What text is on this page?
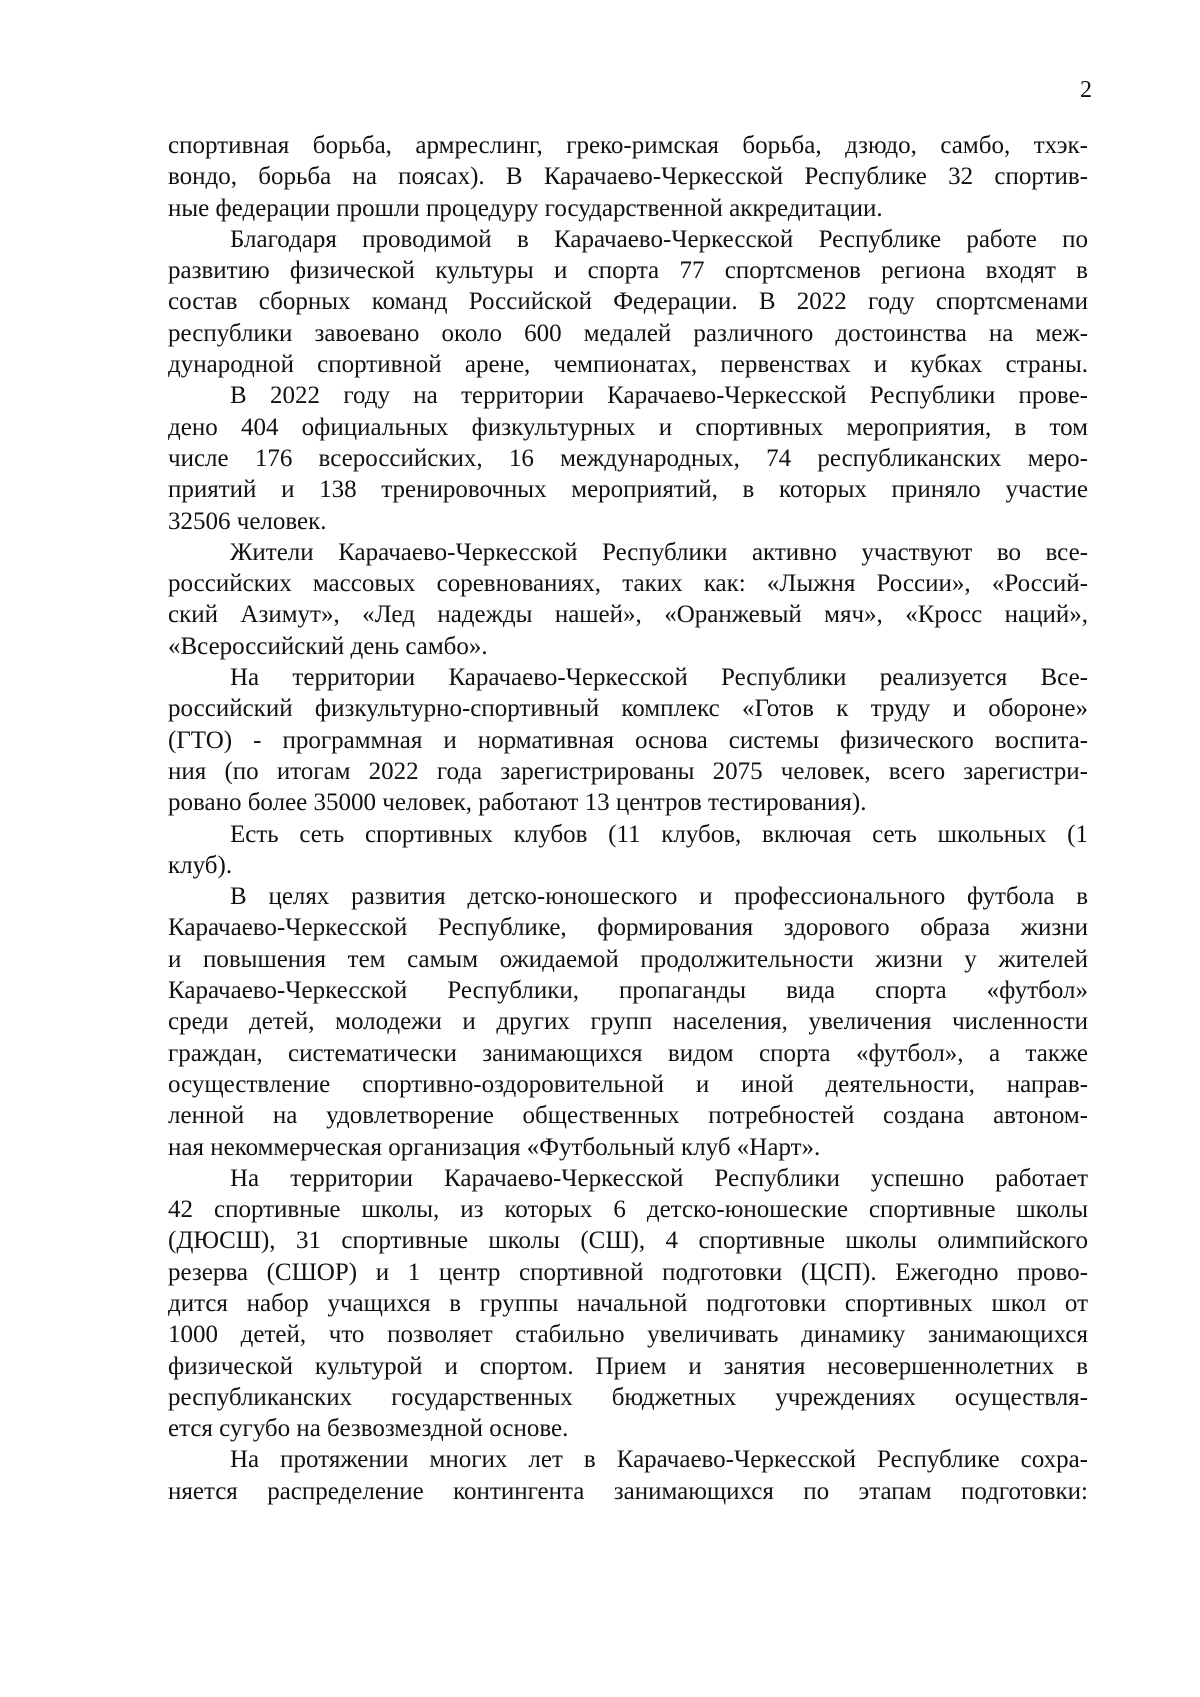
2
спортивная борьба, армреслинг, греко-римская борьба, дзюдо, самбо, тхэк-
вондо, борьба на поясах). В Карачаево-Черкесской Республике 32 спортив-
ные федерации прошли процедуру государственной аккредитации.
Благодаря проводимой в Карачаево-Черкесской Республике работе по
развитию физической культуры и спорта 77 спортсменов региона входят в
состав сборных команд Российской Федерации. В 2022 году спортсменами
республики завоевано около 600 медалей различного достоинства на меж-
дународной спортивной арене, чемпионатах, первенствах и кубках страны.
В 2022 году на территории Карачаево-Черкесской Республики прове-
дено 404 официальных физкультурных и спортивных мероприятия, в том
числе 176 всероссийских, 16 международных, 74 республиканских меро-
приятий и 138 тренировочных мероприятий, в которых приняло участие
32506 человек.
Жители Карачаево-Черкесской Республики активно участвуют во все-
российских массовых соревнованиях, таких как: «Лыжня России», «Россий-
ский Азимут», «Лед надежды нашей», «Оранжевый мяч», «Кросс наций»,
«Всероссийский день самбо».
На территории Карачаево-Черкесской Республики реализуется Все-
российский физкультурно-спортивный комплекс «Готов к труду и обороне»
(ГТО) - программная и нормативная основа системы физического воспита-
ния (по итогам 2022 года зарегистрированы 2075 человек, всего зарегистри-
ровано более 35000 человек, работают 13 центров тестирования).
Есть сеть спортивных клубов (11 клубов, включая сеть школьных (1
клуб).
В целях развития детско-юношеского и профессионального футбола в
Карачаево-Черкесской Республике, формирования здорового образа жизни
и повышения тем самым ожидаемой продолжительности жизни у жителей
Карачаево-Черкесской Республики, пропаганды вида спорта «футбол»
среди детей, молодежи и других групп населения, увеличения численности
граждан, систематически занимающихся видом спорта «футбол», а также
осуществление спортивно-оздоровительной и иной деятельности, направ-
ленной на удовлетворение общественных потребностей созданa автоном-
ная некоммерческая организация «Футбольный клуб «Нарт».
На территории Карачаево-Черкесской Республики успешно работает
42 спортивные школы, из которых 6 детско-юношеские спортивные школы
(ДЮСШ), 31 спортивные школы (СШ), 4 спортивные школы олимпийского
резерва (СШОР) и 1 центр спортивной подготовки (ЦСП). Ежегодно прово-
дится набор учащихся в группы начальной подготовки спортивных школ от
1000 детей, что позволяет стабильно увеличивать динамику занимающихся
физической культурой и спортом. Прием и занятия несовершеннолетних в
республиканских государственных бюджетных учреждениях осуществля-
ется сугубо на безвозмездной основе.
На протяжении многих лет в Карачаево-Черкесской Республике сохра-
няется распределение контингента занимающихся по этапам подготовки:
